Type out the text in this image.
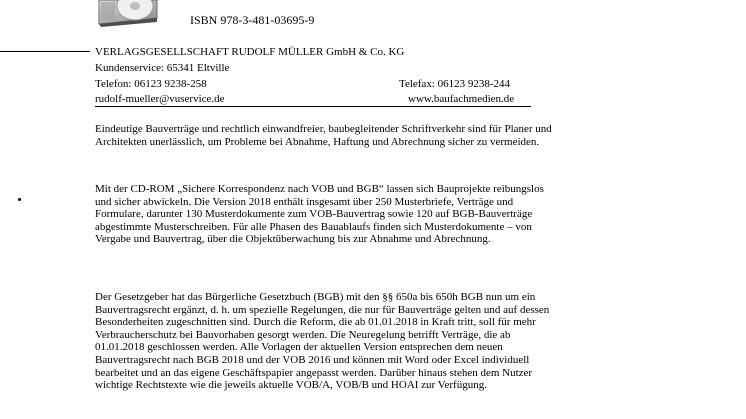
ISBN 978-3-481-03695-9
VERLAGSGESELLSCHAFT RUDOLF MÜLLER GmbH & Co. KG
Kundenservice: 65341 Eltville
Telefon: 06123 9238-258	Telefax: 06123 9238-244
rudolf-mueller@vuservice.de	www.baufachmedien.de
Eindeutige Bauverträge und rechtlich einwandfreier, baubegleitender Schriftverkehr sind für Planer und Architekten unerlässlich, um Probleme bei Abnahme, Haftung und Abrechnung sicher zu vermeiden.
Mit der CD-ROM „Sichere Korrespondenz nach VOB und BGB“ lassen sich Bauprojekte reibungslos und sicher abwickeln. Die Version 2018 enthält insgesamt über 250 Musterbriefe, Verträge und Formulare, darunter 130 Musterdokumente zum VOB-Bauvertrag sowie 120 auf BGB-Bauverträge abgestimmte Musterschreiben. Für alle Phasen des Bauablaufs finden sich Musterdokumente – von Vergabe und Bauvertrag, über die Objektüberwachung bis zur Abnahme und Abrechnung.
Der Gesetzgeber hat das Bürgerliche Gesetzbuch (BGB) mit den §§ 650a bis 650h BGB nun um ein Bauvertragsrecht ergänzt, d. h. um spezielle Regelungen, die nur für Bauverträge gelten und auf dessen Besonderheiten zugeschnitten sind. Durch die Reform, die ab 01.01.2018 in Kraft tritt, soll für mehr Verbraucherschutz bei Bauvorhaben gesorgt werden. Die Neuregelung betrifft Verträge, die ab 01.01.2018 geschlossen werden. Alle Vorlagen der aktuellen Version entsprechen dem neuen Bauvertragsrecht nach BGB 2018 und der VOB 2016 und können mit Word oder Excel individuell bearbeitet und an das eigene Geschäftspapier angepasst werden. Darüber hinaus stehen dem Nutzer wichtige Rechtstexte wie die jeweils aktuelle VOB/A, VOB/B und HOAI zur Verfügung.
